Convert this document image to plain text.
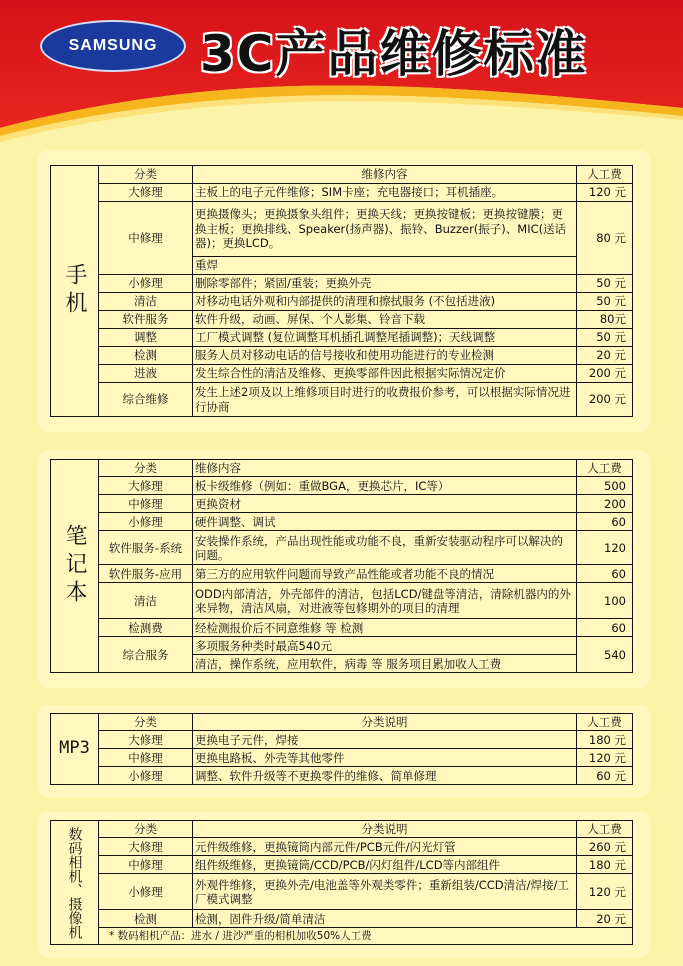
SAMSUNG 3C产品维修标准
手机	分类	维修内容	人工费
	大修理	主板上的电子元件维修；SIM卡座；充电器接口；耳机插座。	120 元
	中修理	更换摄像头；更换摄象头组件；更换天线；更换按键板；更换按键膜；更换主板；更换排线、Speaker(扬声器)、振铃、Buzzer(振子)、MIC(送话器)；更换LCD。	80 元
		重焊	
	小修理	删除零部件；紧固/重装；更换外壳	50 元
	清洁	对移动电话外观和内部提供的清理和擦拭服务 (不包括进液)	50 元
	软件服务	软件升级，动画、屏保、个人影集、铃音下载	80元
	调整	工厂模式调整 (复位调整耳机插孔调整尾插调整)；天线调整	50 元
	检测	服务人员对移动电话的信号接收和使用功能进行的专业检测	20 元
	进液	发生综合性的清洁及维修、更换零部件因此根据实际情况定价	200 元
	综合维修	发生上述2项及以上维修项目时进行的收费报价参考，可以根据实际情况进行协商	200 元
笔记本	分类	维修内容	人工费
	大修理	板卡级维修（例如：重做BGA，更换芯片，IC等）	500
	中修理	更换资材	200
	小修理	硬件调整、调试	60
	软件服务-系统	安装操作系统，产品出现性能或功能不良，重新安装驱动程序可以解决的问题。	120
	软件服务-应用	第三方的应用软件问题而导致产品性能或者功能不良的情况	60
	清洁	ODD内部清洁，外壳部件的清洁，包括LCD/键盘等清洁，清除机器内的外来异物，清洁风扇，对进液等包修期外的项目的清理	100
	检测费	经检测报价后不同意维修 等 检测	60
	综合服务	多项服务种类时最高540元	540
		清洁，操作系统，应用软件，病毒 等 服务项目累加收人工费	
MP3	分类	分类说明	人工费
	大修理	更换电子元件，焊接	180 元
	中修理	更换电路板、外壳等其他零件	120 元
	小修理	调整、软件升级等不更换零件的维修、简单修理	60 元
数码相机、摄像机	分类	分类说明	人工费
	大修理	元件级维修，更换镜筒内部元件/PCB元件/闪光灯管	260 元
	中修理	组件级维修，更换镜筒/CCD/PCB/闪灯组件/LCD等内部组件	180 元
	小修理	外观件维修，更换外壳/电池盖等外观类零件；重新组装/CCD清洁/焊接/工厂模式调整	120 元
	检测	检测，固件升级/简单清洁	20 元
	* 数码相机产品：进水 / 进沙严重的相机加收50%人工费		
